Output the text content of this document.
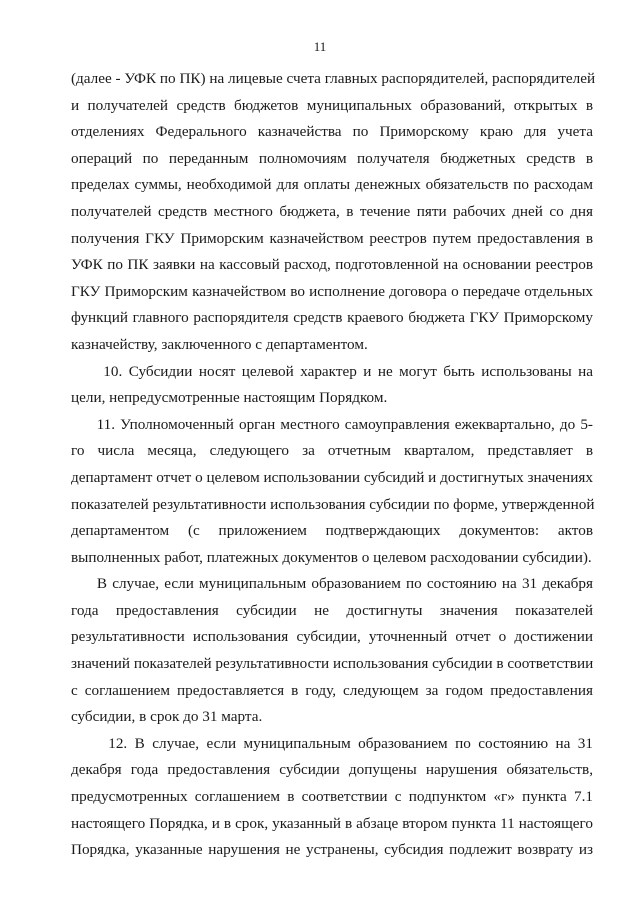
11

(далее - УФК по ПК) на лицевые счета главных распорядителей, распорядителей
и получателей средств бюджетов муниципальных образований, открытых в
отделениях Федерального казначейства по Приморскому краю для учета
операций по переданным полномочиям получателя бюджетных средств в
пределах суммы, необходимой для оплаты денежных обязательств по расходам
получателей средств местного бюджета, в течение пяти рабочих дней со дня
получения ГКУ Приморским казначейством реестров путем предоставления в
УФК по ПК заявки на кассовый расход, подготовленной на основании реестров
ГКУ Приморским казначейством во исполнение договора о передаче отдельных
функций главного распорядителя средств краевого бюджета ГКУ Приморскому
казначейству, заключенного с департаментом.

10. Субсидии носят целевой характер и не могут быть использованы на
цели, непредусмотренные настоящим Порядком.

11. Уполномоченный орган местного самоуправления ежеквартально, до 5-
го числа месяца, следующего за отчетным кварталом, представляет в
департамент отчет о целевом использовании субсидий и достигнутых значениях
показателей результативности использования субсидии по форме, утвержденной
департаментом (с приложением подтверждающих документов: актов
выполненных работ, платежных документов о целевом расходовании субсидии).

В случае, если муниципальным образованием по состоянию на 31 декабря
года предоставления субсидии не достигнуты значения показателей
результативности использования субсидии, уточненный отчет о достижении
значений показателей результативности использования субсидии в соответствии
с соглашением предоставляется в году, следующем за годом предоставления
субсидии, в срок до 31 марта.

12. В случае, если муниципальным образованием по состоянию на 31
декабря года предоставления субсидии допущены нарушения обязательств,
предусмотренных соглашением в соответствии с подпунктом «г» пункта 7.1
настоящего Порядка, и в срок, указанный в абзаце втором пункта 11 настоящего
Порядка, указанные нарушения не устранены, субсидия подлежит возврату из
